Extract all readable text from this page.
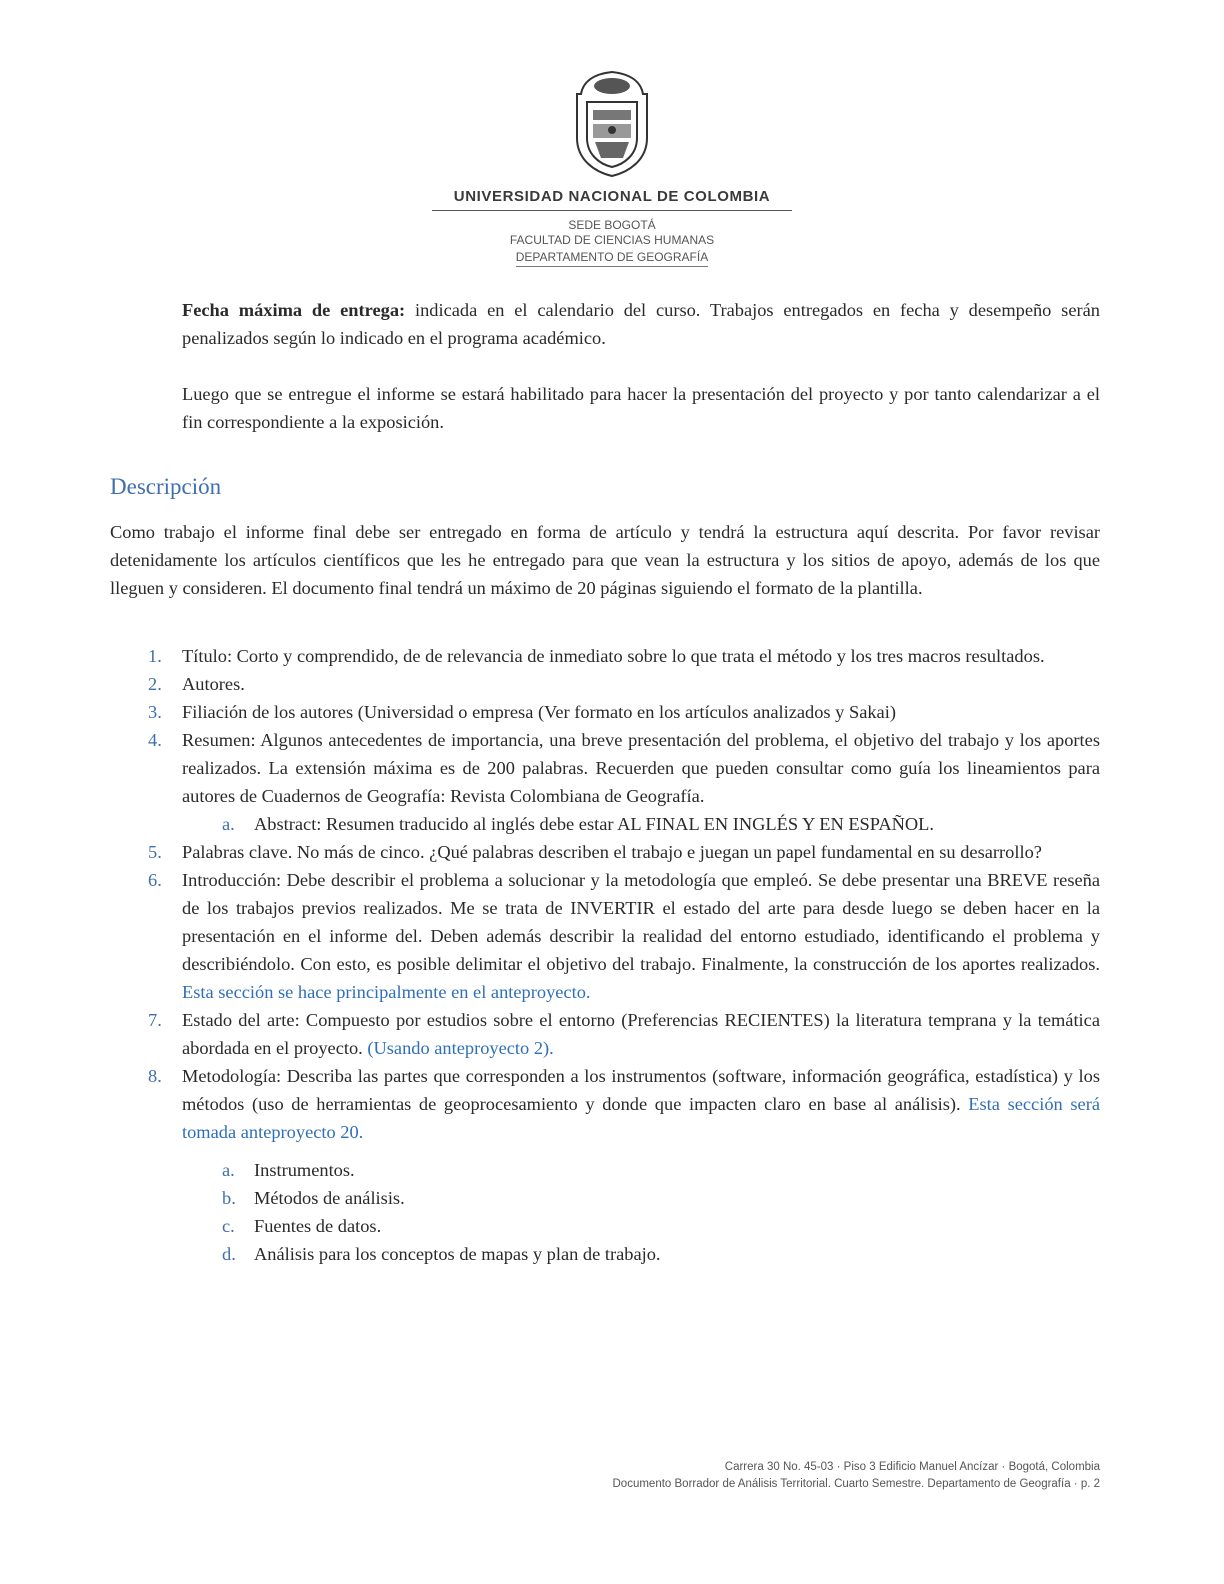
UNIVERSIDAD NACIONAL DE COLOMBIA
SEDE BOGOTÁ
FACULTAD DE CIENCIAS HUMANAS
DEPARTAMENTO DE GEOGRAFÍA
Fecha máxima de entrega: indicada en el calendario del curso. Trabajos entregados en fecha y desempeño serán penalizados según lo indicado en el programa académico.
Luego que se entregue el informe se estará habilitado para hacer la presentación del proyecto y por tanto calendarizar a el fin correspondiente a la exposición.
Descripción
Como trabajo el informe final debe ser entregado en forma de artículo y tendrá la estructura aquí descrita. Por favor revisar detenidamente los artículos científicos que les he entregado para que vean la estructura y los sitios de apoyo, además de los que lleguen y consideren. El documento final tendrá un máximo de 20 páginas siguiendo el formato de la plantilla.
1. Título: Corto y comprendido, de de relevancia de inmediato sobre lo que trata el método y los tres macros resultados.
2. Autores.
3. Filiación de los autores (Universidad o empresa (Ver formato en los artículos analizados y Sakai)
4. Resumen: Algunos antecedentes de importancia, una breve presentación del problema, el objetivo del trabajo y los aportes realizados. La extensión máxima es de 200 palabras. Recuerden que pueden consultar como guía los lineamientos para autores de Cuadernos de Geografía: Revista Colombiana de Geografía.
a. Abstract: Resumen traducido al inglés debe estar AL FINAL EN INGLÉS Y EN ESPAÑOL.
5. Palabras clave. No más de cinco. ¿Qué palabras describen el trabajo e juegan un papel fundamental en su desarrollo?
6. Introducción: Debe describir el problema a solucionar y la metodología que empleó. Se debe presentar una BREVE reseña de los trabajos previos realizados. Me se trata de INVERTIR el estado del arte para desde luego se deben hacer en la presentación en el informe del. Deben además describir la realidad del entorno estudiado, identificando el problema y describiéndolo. Con esto, es posible delimitar el objetivo del trabajo. Finalmente, la construcción de los aportes realizados. Esta sección se hace principalmente en el anteproyecto.
7. Estado del arte: Compuesto por estudios sobre el entorno (Preferencias RECIENTES) la literatura temprana y la temática abordada en el proyecto. (Usando anteproyecto 2).
8. Metodología: Describa las partes que corresponden a los instrumentos (software, información geográfica, estadística) y los métodos (uso de herramientas de geoprocesamiento y donde que impacten claro en base al análisis). Esta sección será tomada anteproyecto 20.
a. Instrumentos.
b. Métodos de análisis.
c. Fuentes de datos.
d. Análisis para los conceptos de mapas y plan de trabajo.
Carrera 30 No. 45-03 · Piso 3 Edificio Manuel Ancízar · Bogotá, Colombia
Documento Borrador de Análisis Territorial. Cuarto Semestre. Departamento de Geografía · p. 2
